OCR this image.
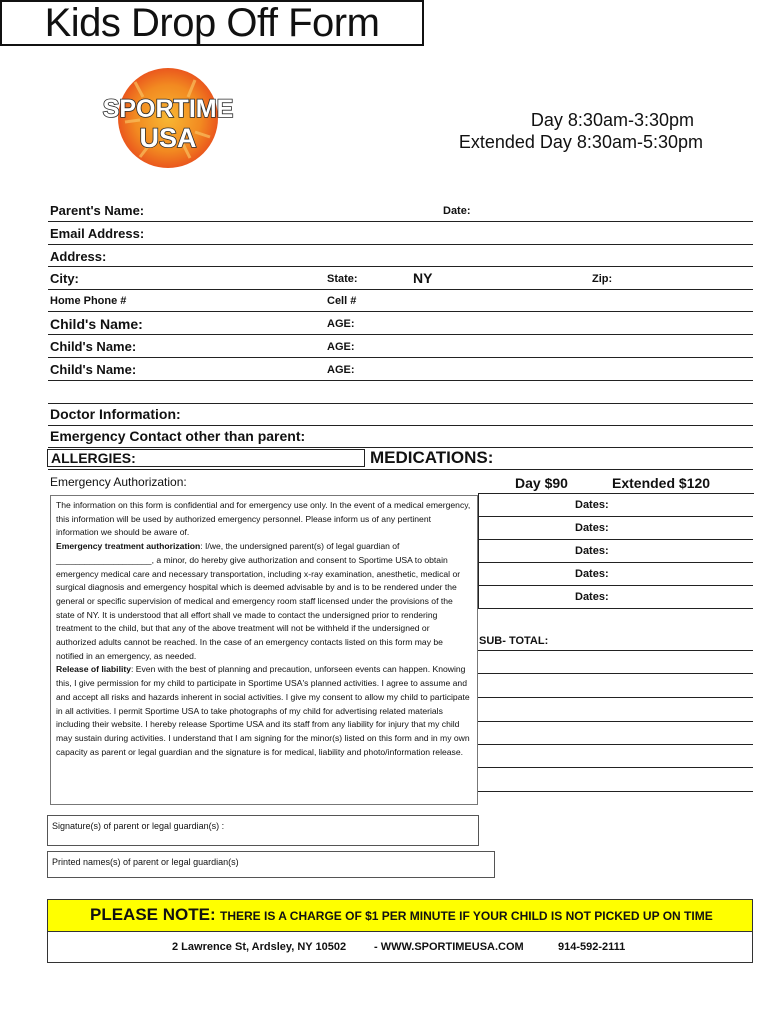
SPORTIME
USA
Kids Drop Off Form
Day 8:30am-3:30pm
Extended Day 8:30am-5:30pm
Parent's Name:	Date:
Email Address:
Address:
City:	State:	NY	Zip:
Home Phone #	Cell #
Child's Name:	AGE:
Child's Name:	AGE:
Child's Name:	AGE:
Doctor Information:
Emergency Contact other than parent:
ALLERGIES:	MEDICATIONS:
Emergency Authorization:	Day $90	Extended $120

The information on this form is confidential and for emergency use only. In the event of a medical emergency, this information will be used by authorized emergency personnel. Please inform us of any pertinent information we should be aware of.

Emergency treatment authorization: I/we, the undersigned parent(s) of legal guardian of ____________________, a minor, do hereby give authorization and consent to Sportime USA to obtain emergency medical care and necessary transportation, including x-ray examination, anesthetic, medical or surgical diagnosis and emergency hospital which is deemed advisable by and is to be rendered under the general or specific supervision of medical and emergency room staff licensed under the provisions of the state of NY. It is understood that all effort shall ve made to contact the undersigned prior to rendering treatment to the child, but that any of the above treatment will not be withheld if the undersigned or authorized adults cannot be reached. In the case of an emergency contacts listed on this form may be notified in an emergency, as needed.

Release of liability: Even with the best of planning and precaution, unforseen events can happen. Knowing this, I give permission for my child to participate in Sportime USA's planned activities. I agree to assume and and accept all risks and hazards inherent in social activities. I give my consent to allow my child to participate in all activities. I permit Sportime USA to take photographs of my child for advertising related materials including their website. I hereby release Sportime USA and its staff from any liability for injury that my child may sustain during activities. I understand that I am signing for the minor(s) listed on this form and in my own capacity as parent or legal guardian and the signature is for medical, liability and photo/information release.

Dates:
Dates:
Dates:
Dates:
Dates:
SUB- TOTAL:
Signature(s) of parent or legal guardian(s) :
Printed names(s) of parent or legal guardian(s)
PLEASE NOTE: THERE IS A CHARGE OF $1 PER MINUTE IF YOUR CHILD IS NOT PICKED UP ON TIME
2 Lawrence St, Ardsley, NY 10502	- WWW.SPORTIMEUSA.COM	914-592-2111
